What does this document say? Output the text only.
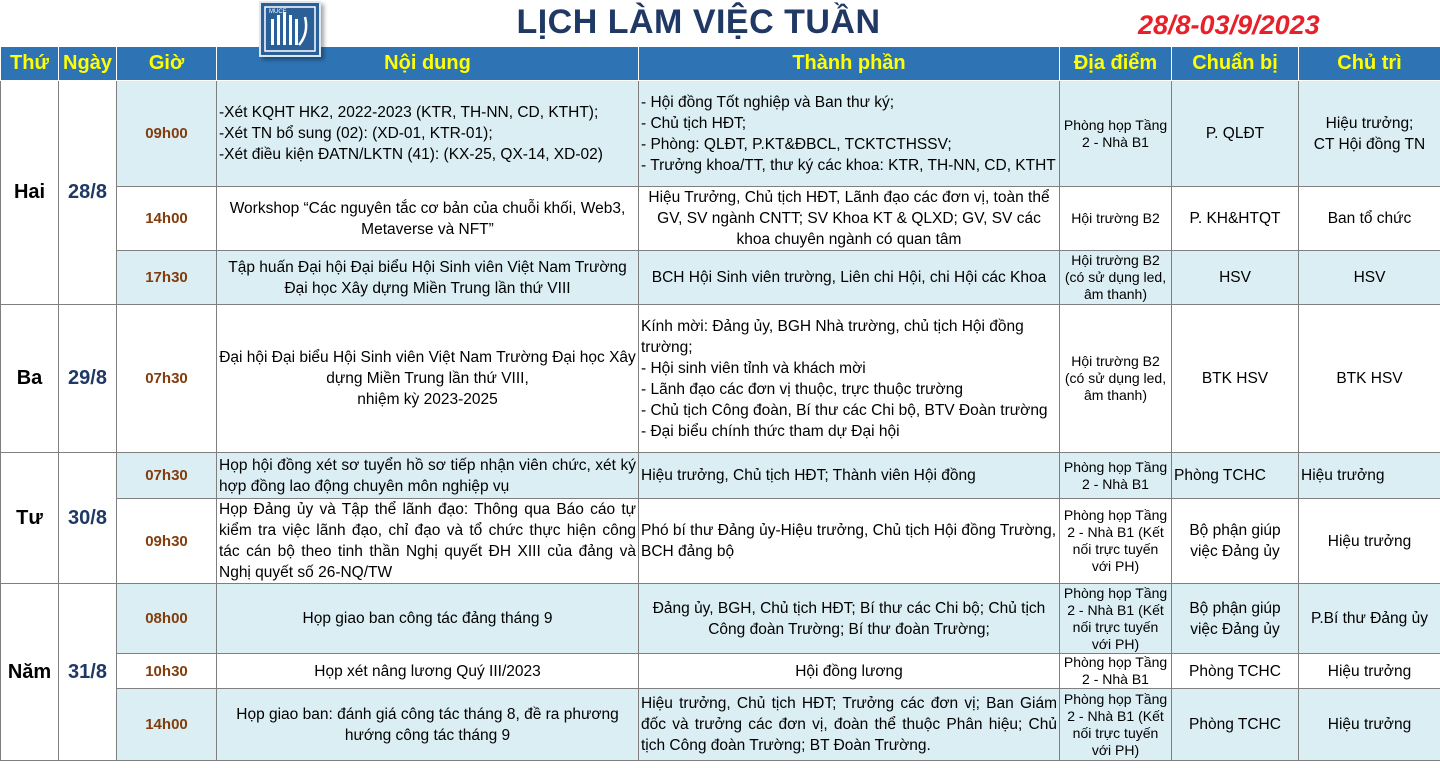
MUCE	LỊCH LÀM VIỆC TUẦN	28/8-03/9/2023
Thứ	Ngày	Giờ	Nội dung	Thành phần	Địa điểm	Chuẩn bị	Chủ trì
Hai	28/8	09h00	-Xét KQHT HK2, 2022-2023 (KTR, TH-NN, CD, KTHT);
-Xét TN bổ sung (02): (XD-01, KTR-01);
-Xét điều kiện ĐATN/LKTN (41): (KX-25, QX-14, XD-02)	- Hội đồng Tốt nghiệp và Ban thư ký;
- Chủ tịch HĐT;
- Phòng: QLĐT, P.KT&ĐBCL, TCKTCTHSSV;
- Trưởng khoa/TT, thư ký các khoa: KTR, TH-NN, CD, KTHT	Phòng họp Tầng 2 - Nhà B1	P. QLĐT	Hiệu trưởng;
CT Hội đồng TN
		14h00	Workshop “Các nguyên tắc cơ bản của chuỗi khối, Web3, Metaverse và NFT”	Hiệu Trưởng, Chủ tịch HĐT, Lãnh đạo các đơn vị, toàn thể GV, SV ngành CNTT; SV Khoa KT & QLXD; GV, SV các khoa chuyên ngành có quan tâm	Hội trường B2	P. KH&HTQT	Ban tổ chức
		17h30	Tập huấn Đại hội Đại biểu Hội Sinh viên Việt Nam Trường Đại học Xây dựng Miền Trung lần thứ VIII	BCH Hội Sinh viên trường, Liên chi Hội, chi Hội các Khoa	Hội trường B2 (có sử dụng led, âm thanh)	HSV	HSV
Ba	29/8	07h30	Đại hội Đại biểu Hội Sinh viên Việt Nam Trường Đại học Xây dựng Miền Trung lần thứ VIII,
nhiệm kỳ 2023-2025	Kính mời: Đảng ủy, BGH Nhà trường, chủ tịch Hội đồng trường;
- Hội sinh viên tỉnh và khách mời
- Lãnh đạo các đơn vị thuộc, trực thuộc trường
- Chủ tịch Công đoàn, Bí thư các Chi bộ, BTV Đoàn trường
- Đại biểu chính thức tham dự Đại hội	Hội trường B2 (có sử dụng led, âm thanh)	BTK HSV	BTK HSV
Tư	30/8	07h30	Họp hội đồng xét sơ tuyển hồ sơ tiếp nhận viên chức, xét ký hợp đồng lao động chuyên môn nghiệp vụ	Hiệu trưởng, Chủ tịch HĐT; Thành viên Hội đồng	Phòng họp Tầng 2 - Nhà B1	Phòng TCHC	Hiệu trưởng
		09h30	Họp Đảng ủy và Tập thể lãnh đạo: Thông qua Báo cáo tự kiểm tra việc lãnh đạo, chỉ đạo và tổ chức thực hiện công tác cán bộ theo tinh thần Nghị quyết ĐH XIII của đảng và Nghị quyết số 26-NQ/TW	Phó bí thư Đảng ủy-Hiệu trưởng, Chủ tịch Hội đồng Trường, BCH đảng bộ	Phòng họp Tầng 2 - Nhà B1 (Kết nối trực tuyến với PH)	Bộ phận giúp việc Đảng ủy	Hiệu trưởng
Năm	31/8	08h00	Họp giao ban công tác đảng tháng 9	Đảng ủy, BGH, Chủ tịch HĐT; Bí thư các Chi bộ; Chủ tịch Công đoàn Trường; Bí thư đoàn Trường;	Phòng họp Tầng 2 - Nhà B1 (Kết nối trực tuyến với PH)	Bộ phận giúp việc Đảng ủy	P.Bí thư Đảng ủy
		10h30	Họp xét nâng lương Quý III/2023	Hội đồng lương	Phòng họp Tầng 2 - Nhà B1	Phòng TCHC	Hiệu trưởng
		14h00	Họp giao ban: đánh giá công tác tháng 8, đề ra phương hướng công tác tháng 9	Hiệu trưởng, Chủ tịch HĐT; Trưởng các đơn vị; Ban Giám đốc và trưởng các đơn vị, đoàn thể thuộc Phân hiệu; Chủ tịch Công đoàn Trường; BT Đoàn Trường.	Phòng họp Tầng 2 - Nhà B1 (Kết nối trực tuyến với PH)	Phòng TCHC	Hiệu trưởng
